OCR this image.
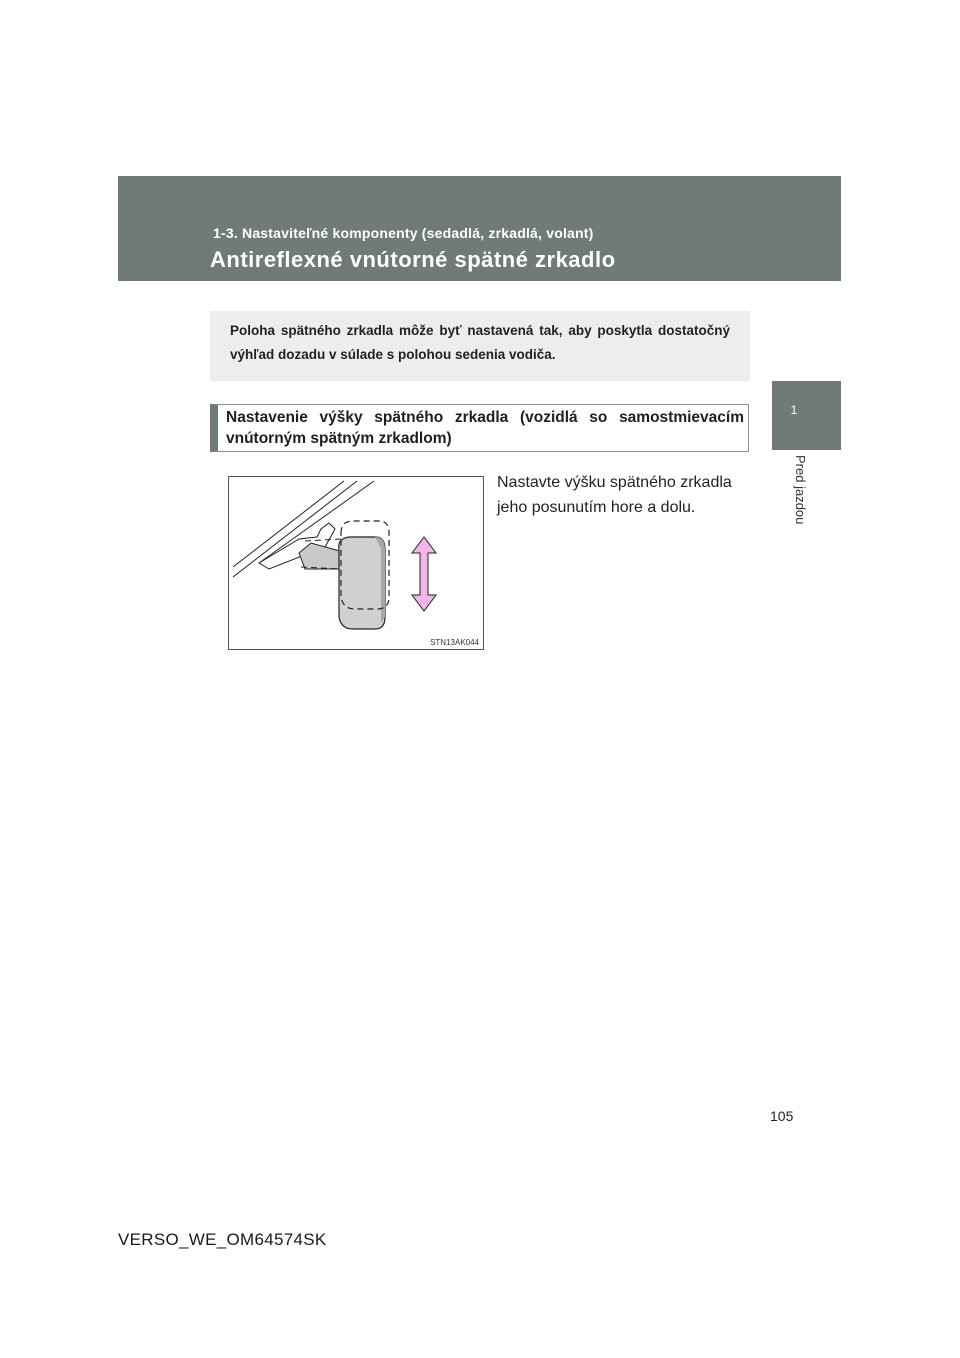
1-3. Nastaviteľné komponenty (sedadlá, zrkadlá, volant)
Antireflexné vnútorné spätné zrkadlo
1
Pred jazdou
Poloha spätného zrkadla môže byť nastavená tak, aby poskytla dostatočný výhľad dozadu v súlade s polohou sedenia vodiča.
Nastavenie výšky spätného zrkadla (vozidlá so samostmievacím vnútorným spätným zrkadlom)
STN13AK044
Nastavte výšku spätného zrkadla jeho posunutím hore a dolu.
105
VERSO_WE_OM64574SK
